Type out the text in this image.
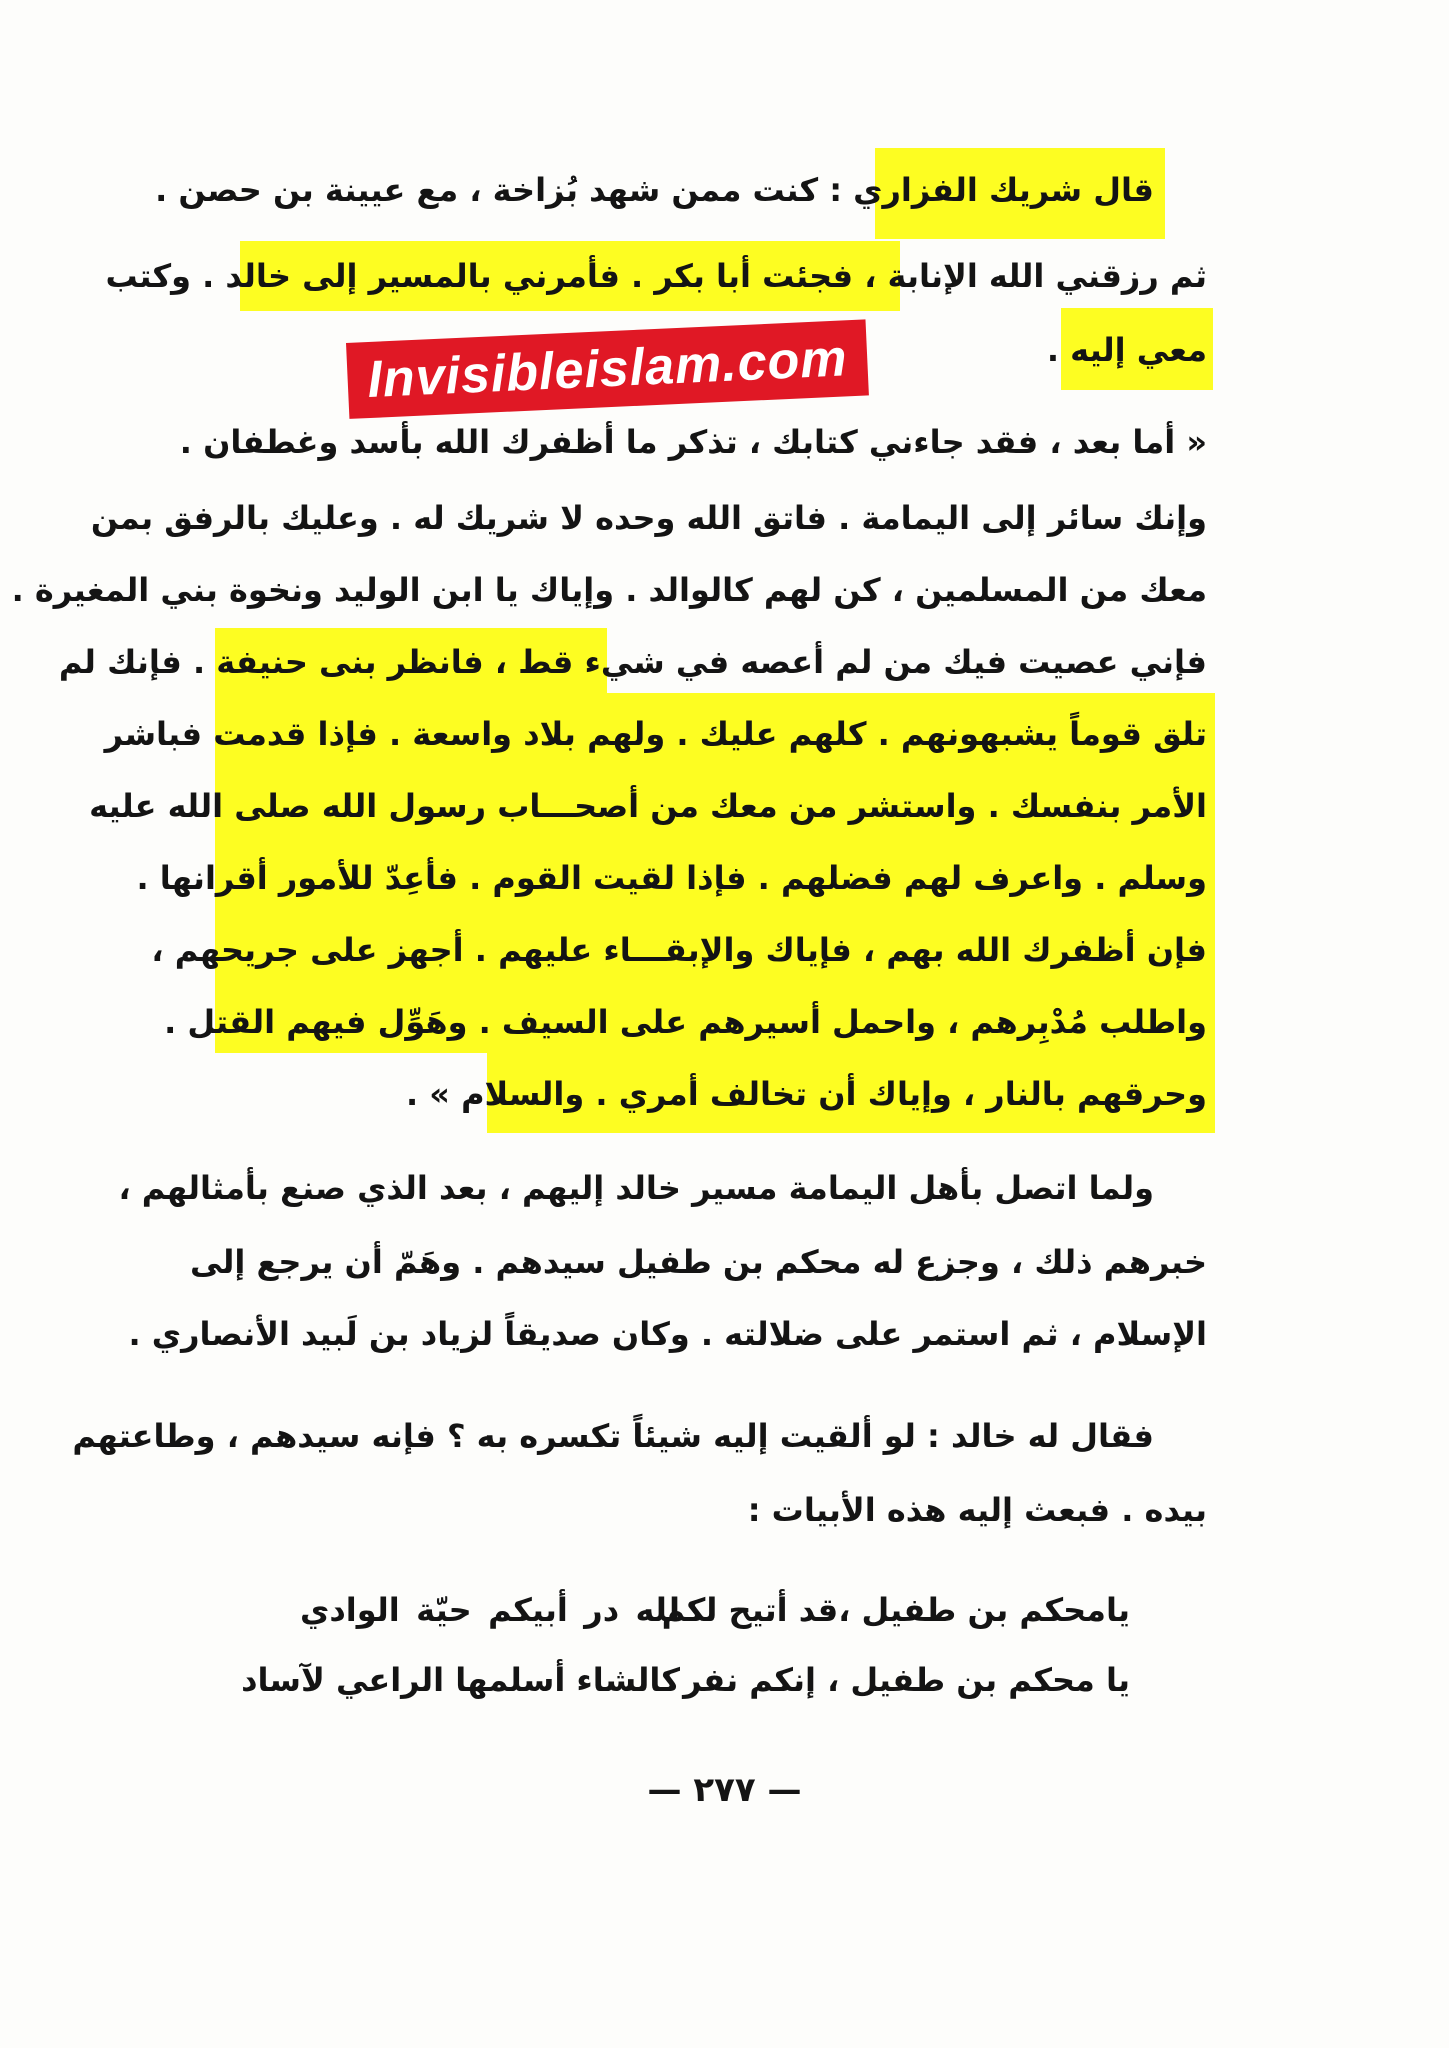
قال شريك الفزاري : كنت ممن شهد بُزاخة ، مع عيينة بن حصن .
ثم رزقني الله الإنابة ، فجئت أبا بكر . فأمرني بالمسير إلى خالد . وكتب
معي إليه .
« أما بعد ، فقد جاءني كتابك ، تذكر ما أظفرك الله بأسد وغطفان .
وإنك سائر إلى اليمامة . فاتق الله وحده لا شريك له . وعليك بالرفق بمن
معك من المسلمين ، كن لهم كالوالد . وإياك يا ابن الوليد ونخوة بني المغيرة .
فإني عصيت فيك من لم أعصه في شيء قط ، فانظر بنى حنيفة . فإنك لم
تلق قوماً يشبهونهم . كلهم عليك . ولهم بلاد واسعة . فإذا قدمت فباشر
الأمر بنفسك . واستشر من معك من أصحـــاب رسول الله صلى الله عليه
وسلم . واعرف لهم فضلهم . فإذا لقيت القوم . فأعِدّ للأمور أقرانها .
فإن أظفرك الله بهم ، فإياك والإبقـــاء عليهم . أجهز على جريحهم ،
واطلب مُدْبِرهم ، واحمل أسيرهم على السيف . وهَوِّل فيهم القتل .
وحرقهم بالنار ، وإياك أن تخالف أمري . والسلام » .
ولما اتصل بأهل اليمامة مسير خالد إليهم ، بعد الذي صنع بأمثالهم ،
خبرهم ذلك ، وجزع له محكم بن طفيل سيدهم . وهَمّ أن يرجع إلى
الإسلام ، ثم استمر على ضلالته . وكان صديقاً لزياد بن لَبيد الأنصاري .
فقال له خالد : لو ألقيت إليه شيئاً تكسره به ؟ فإنه سيدهم ، وطاعتهم
بيده . فبعث إليه هذه الأبيات :
يامحكم بن طفيل ،قد أتيح لكم
لله در أبيكم حيّة الوادي
يا محكم بن طفيل ، إنكم نفر
كالشاء أسلمها الراعي لآساد
— ٢٧٧ —
Invisibleislam.com
